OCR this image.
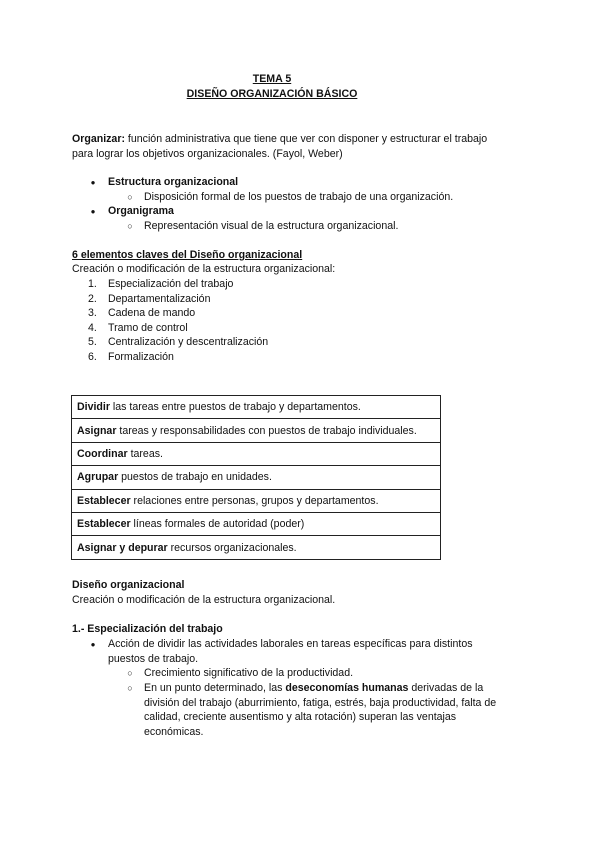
TEMA 5
DISEÑO ORGANIZACIÓN BÁSICO
Organizar: función administrativa que tiene que ver con disponer y estructurar el trabajo
para lograr los objetivos organizacionales. (Fayol, Weber)
● Estructura organizacional
○ Disposición formal de los puestos de trabajo de una organización.
● Organigrama
○ Representación visual de la estructura organizacional.
6 elementos claves del Diseño organizacional
Creación o modificación de la estructura organizacional:
1. Especialización del trabajo
2. Departamentalización
3. Cadena de mando
4. Tramo de control
5. Centralización y descentralización
6. Formalización
Dividir las tareas entre puestos de trabajo y departamentos.
Asignar tareas y responsabilidades con puestos de trabajo individuales.
Coordinar tareas.
Agrupar puestos de trabajo en unidades.
Establecer relaciones entre personas, grupos y departamentos.
Establecer líneas formales de autoridad (poder)
Asignar y depurar recursos organizacionales.
Diseño organizacional
Creación o modificación de la estructura organizacional.
1.- Especialización del trabajo
● Acción de dividir las actividades laborales en tareas específicas para distintos
puestos de trabajo.
○ Crecimiento significativo de la productividad.
○ En un punto determinado, las deseconomías humanas derivadas de la
división del trabajo (aburrimiento, fatiga, estrés, baja productividad, falta de
calidad, creciente ausentismo y alta rotación) superan las ventajas
económicas.
